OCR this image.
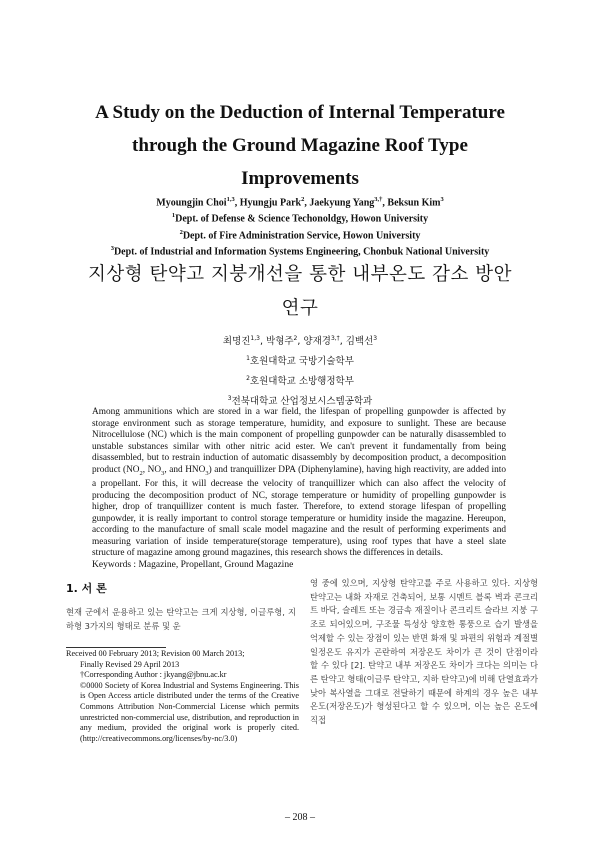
A Study on the Deduction of Internal Temperature
through the Ground Magazine Roof Type
Improvements
Myoungjin Choi$^{1,3}$, Hyungju Park$^2$, Jaekyung Yang$^{3,\dagger}$, Beksun Kim$^3$
$^1$Dept. of Defense & Science Techonoldgy, Howon University
$^2$Dept. of Fire Administration Service, Howon University
$^3$Dept. of Industrial and Information Systems Engineering, Chonbuk National University
지상형 탄약고 지붕개선을 통한 내부온도 감소 방안
연구
최명진$^{1,3}$, 박형주$^2$, 양재경$^{3,\dagger}$, 김백선$^3$
$^1$호원대학교 국방기술학부
$^2$호원대학교 소방행정학부
$^3$전북대학교 산업정보시스템공학과
Among ammunitions which are stored in a war field, the lifespan of propelling gunpowder is affected by storage environment such as storage temperature, humidity, and exposure to sunlight. These are because Nitrocellulose (NC) which is the main component of propelling gunpowder can be naturally disassembled to unstable substances similar with other nitric acid ester. We can't prevent it fundamentally from being disassembled, but to restrain induction of automatic disassembly by decomposition product, a decomposition product ($NO_2$, $NO_3$, and $HNO_3$) and tranquillizer DPA (Diphenylamine), having high reactivity, are added into a propellant. For this, it will decrease the velocity of tranquillizer which can also affect the velocity of producing the decomposition product of NC, storage temperature or humidity of propelling gunpowder is higher, drop of tranquillizer content is much faster. Therefore, to extend storage lifespan of propelling gunpowder, it is really important to control storage temperature or humidity inside the magazine. Hereupon, according to the manufacture of small scale model magazine and the result of performing experiments and measuring variation of inside temperature(storage temperature), using roof types that have a steel slate structure of magazine among ground magazines, this research shows the differences in details.
Keywords : Magazine, Propellant, Ground Magazine
1. 서 론
현재 군에서 운용하고 있는 탄약고는 크게 지상형, 이글루형, 지하형 3가지의 형태로 분류 및 운
Received 00 February 2013; Revision 00 March 2013;
Finally Revised 29 April 2013
†Corresponding Author : jkyang@jbnu.ac.kr
©0000 Society of Korea Industrial and Systems Engineering. This is Open Access article distributed under the terms of the Creative Commons Attribution Non-Commercial License which permits unrestricted non-commercial use, distribution, and reproduction in any medium, provided the original work is properly cited. (http://creativecommons.org/licenses/by-nc/3.0)
영 중에 있으며, 지상형 탄약고를 주로 사용하고 있다. 지상형 탄약고는 내화 자재로 건축되어, 보통 시멘트 블록 벽과 콘크리트 바닥, 슬레트 또는 경금속 재질이나 콘크리트 슬라브 지붕 구조로 되어있으며, 구조물 특성상 양호한 통풍으로 습기 발생을 억제할 수 있는 장점이 있는 반면 화재 및 파편의 위험과 계절별 일정온도 유지가 곤란하여 저장온도 차이가 큰 것이 단점이라 할 수 있다 [2]. 탄약고 내부 저장온도 차이가 크다는 의미는 다른 탄약고 형태(이글루 탄약고, 지하 탄약고)에 비해 단열효과가 낮아 복사열을 그대로 전달하기 때문에 하계의 경우 높은 내부온도(저장온도)가 형성된다고 할 수 있으며, 이는 높은 온도에 직접
– 208 –
